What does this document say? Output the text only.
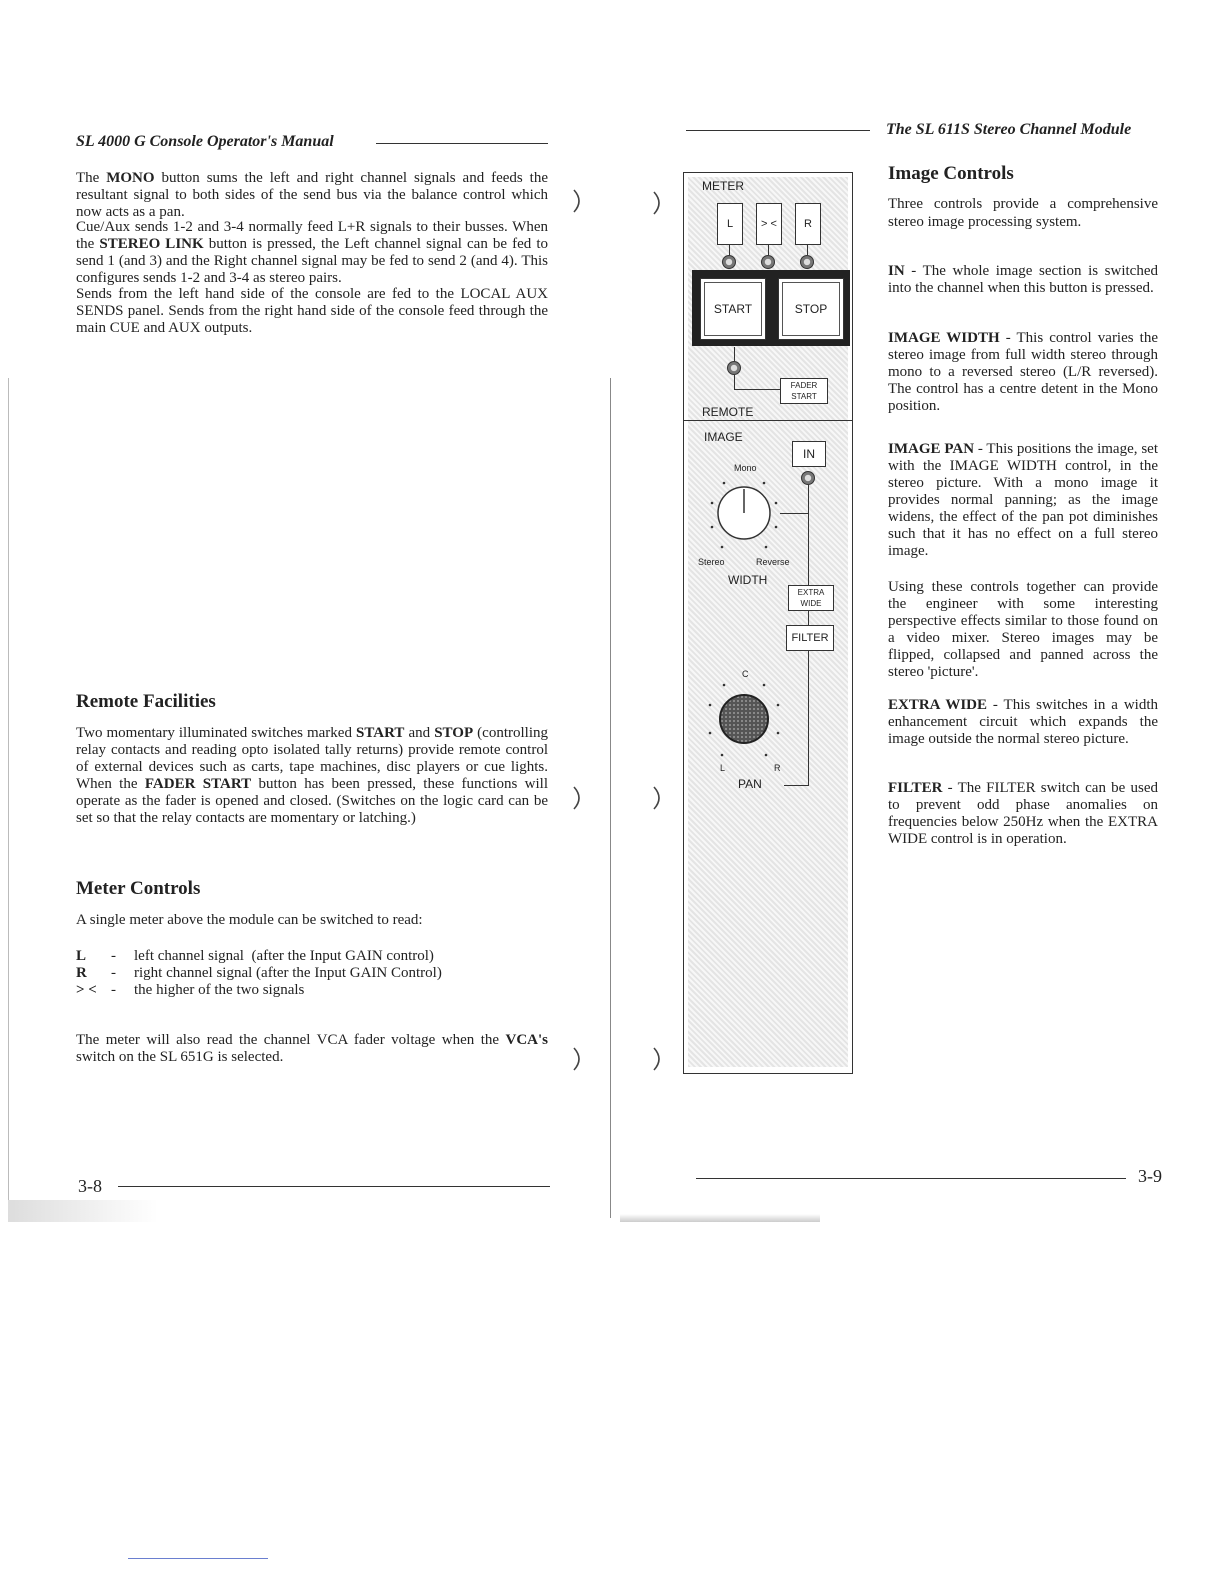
SL 4000 G Console Operator's Manual
The MONO button sums the left and right channel signals and feeds the resultant signal to both sides of the send bus via the balance control which now acts as a pan.
Cue/Aux sends 1-2 and 3-4 normally feed L+R signals to their busses. When the STEREO LINK button is pressed, the Left channel signal can be fed to send 1 (and 3) and the Right channel signal may be fed to send 2 (and 4). This configures sends 1-2 and 3-4 as stereo pairs.
Sends from the left hand side of the console are fed to the LOCAL AUX SENDS panel. Sends from the right hand side of the console feed through the main CUE and AUX outputs.
Remote Facilities
Two momentary illuminated switches marked START and STOP (controlling relay contacts and reading opto isolated tally returns) provide remote control of external devices such as carts, tape machines, disc players or cue lights. When the FADER START button has been pressed, these functions will operate as the fader is opened and closed. (Switches on the logic card can be set so that the relay contacts are momentary or latching.)
Meter Controls
A single meter above the module can be switched to read:
L - left channel signal  (after the Input GAIN control)
R - right channel signal (after the Input GAIN Control)
> < - the higher of the two signals
The meter will also read the channel VCA fader voltage when the VCA's switch on the SL 651G is selected.
3-8
The SL 611S Stereo Channel Module
METER
L	> <	R
START	STOP
FADER
START
REMOTE
IMAGE
IN
Mono
Stereo	Reverse
WIDTH
EXTRA
WIDE
FILTER
C
L	R
PAN
Image Controls
Three controls provide a comprehensive stereo image processing system.
IN - The whole image section is switched into the channel when this button is pressed.
IMAGE WIDTH - This control varies the stereo image from full width stereo through mono to a reversed stereo (L/R reversed). The control has a centre detent in the Mono position.
IMAGE PAN - This positions the image, set with the IMAGE WIDTH control, in the stereo picture. With a mono image it provides normal panning; as the image widens, the effect of the pan pot diminishes such that it has no effect on a full stereo image.
Using these controls together can provide the engineer with some interesting perspective effects similar to those found on a video mixer. Stereo images may be flipped, collapsed and panned across the stereo 'picture'.
EXTRA WIDE - This switches in a width enhancement circuit which expands the image outside the normal stereo picture.
FILTER - The FILTER switch can be used to prevent odd phase anomalies on frequencies below 250Hz when the EXTRA WIDE control is in operation.
3-9
